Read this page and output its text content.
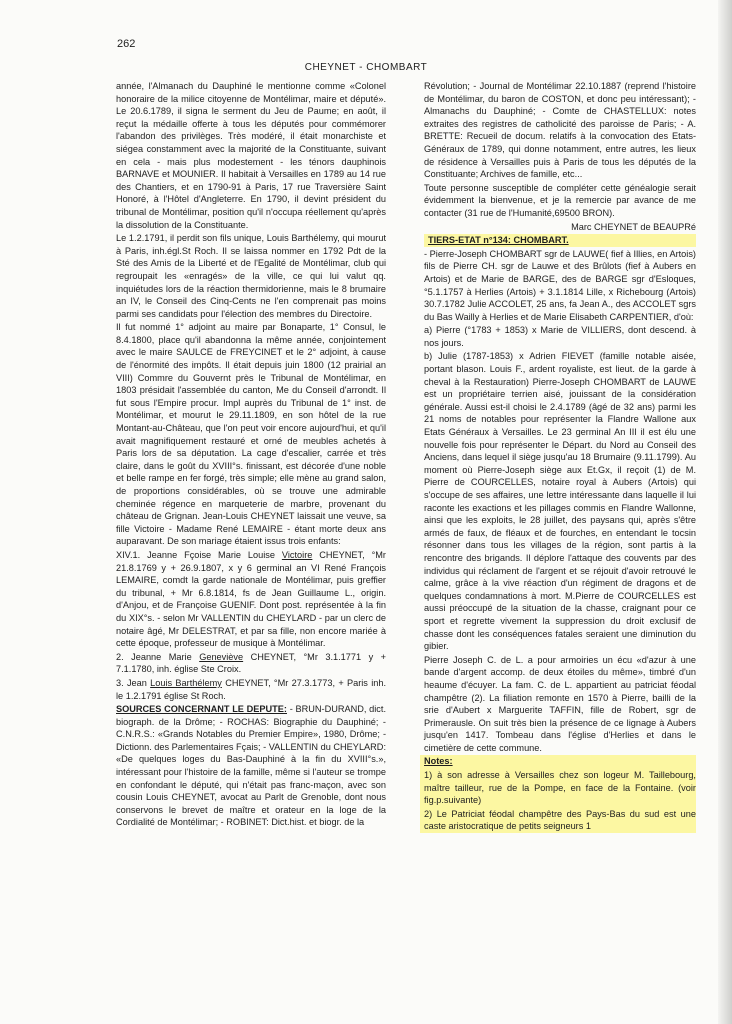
262
CHEYNET - CHOMBART

année, l'Almanach du Dauphiné le mentionne comme «Colonel honoraire de la milice citoyenne de Montélimar, maire et député». Le 20.6.1789, il signa le serment du Jeu de Paume; en août, il reçut la médaille offerte à tous les députés pour commémorer l'abandon des privilèges. Très modéré, il était monarchiste et siégea constamment avec la majorité de la Constituante, suivant en cela - mais plus modestement - les ténors dauphinois BARNAVE et MOUNIER. Il habitait à Versailles en 1789 au 14 rue des Chantiers, et en 1790-91 à Paris, 17 rue Traversière Saint Honoré, à l'Hôtel d'Angleterre. En 1790, il devint président du tribunal de Montélimar, position qu'il n'occupa réellement qu'après la dissolution de la Constituante.

Le 1.2.1791, il perdit son fils unique, Louis Barthélemy, qui mourut à Paris, inh.égl.St Roch. Il se laissa nommer en 1792 Pdt de la Sté des Amis de la Liberté et de l'Egalité de Montélimar, club qui regroupait les «enragés» de la ville, ce qui lui valut qq. inquiétudes lors de la réaction thermidorienne, mais le 8 brumaire an IV, le Conseil des Cinq-Cents ne l'en comprenait pas moins parmi ses candidats pour l'élection des membres du Directoire.

Il fut nommé 1° adjoint au maire par Bonaparte, 1° Consul, le 8.4.1800, place qu'il abandonna la même année, conjointement avec le maire SAULCE de FREYCINET et le 2° adjoint, à cause de l'énormité des impôts. Il était depuis juin 1800 (12 prairial an VIII) Commre du Gouvernt près le Tribunal de Montélimar, en 1803 présidait l'assemblée du canton, Me du Conseil d'arrondt. Il fut sous l'Empire procur. Impl auprès du Tribunal de 1° inst. de Montélimar, et mourut le 29.11.1809, en son hôtel de la rue Montant-au-Château, que l'on peut voir encore aujourd'hui, et qu'il avait magnifiquement restauré et orné de meubles achetés à Paris lors de sa députation. La cage d'escalier, carrée et très claire, dans le goût du XVIII°s. finissant, est décorée d'une noble et belle rampe en fer forgé, très simple; elle mène au grand salon, de proportions considérables, où se trouve une admirable cheminée régence en marqueterie de marbre, provenant du château de Grignan. Jean-Louis CHEYNET laissait une veuve, sa fille Victoire - Madame René LEMAIRE - étant morte deux ans auparavant. De son mariage étaient issus trois enfants:

XIV.1. Jeanne Fçoise Marie Louise Victoire CHEYNET, °Mr 21.8.1769 y + 26.9.1807, x y 6 germinal an VI René François LEMAIRE, comdt la garde nationale de Montélimar, puis greffier du tribunal, + Mr 6.8.1814, fs de Jean Guillaume L., origin. d'Anjou, et de Françoise GUENIF. Dont post. représentée à la fin du XIX°s. - selon Mr VALLENTIN du CHEYLARD - par un clerc de notaire âgé, Mr DELESTRAT, et par sa fille, non encore mariée à cette époque, professeur de musique à Montélimar.

2. Jeanne Marie Geneviève CHEYNET, °Mr 3.1.1771 y + 7.1.1780, inh. église Ste Croix.

3. Jean Louis Barthélemy CHEYNET, °Mr 27.3.1773, + Paris inh. le 1.2.1791 église St Roch.

SOURCES CONCERNANT LE DEPUTE: - BRUN-DURAND, dict. biograph. de la Drôme; - ROCHAS: Biographie du Dauphiné; - C.N.R.S.: «Grands Notables du Premier Empire», 1980, Drôme; - Dictionn. des Parlementaires Fçais; - VALLENTIN du CHEYLARD: «De quelques loges du Bas-Dauphiné à la fin du XVIII°s.», intéressant pour l'histoire de la famille, même si l'auteur se trompe en confondant le député, qui n'était pas franc-maçon, avec son cousin Louis CHEYNET, avocat au Parlt de Grenoble, dont nous conservons le brevet de maître et orateur en la loge de la Cordialité de Montélimar; - ROBINET: Dict.hist. et biogr. de la

Révolution; - Journal de Montélimar 22.10.1887 (reprend l'histoire de Montélimar, du baron de COSTON, et donc peu intéressant); - Almanachs du Dauphiné; - Comte de CHASTELLUX: notes extraites des registres de catholicité des paroisse de Paris; - A. BRETTE: Recueil de docum. relatifs à la convocation des Etats-Généraux de 1789, qui donne notamment, entre autres, les lieux de résidence à Versailles puis à Paris de tous les députés de la Constituante; Archives de famille, etc...

Toute personne susceptible de compléter cette généalogie serait évidemment la bienvenue, et je la remercie par avance de me contacter (31 rue de l'Humanité,69500 BRON).

Marc CHEYNET de BEAUPRé

TIERS-ETAT n°134: CHOMBART.

- Pierre-Joseph CHOMBART sgr de LAUWE( fief à Illies, en Artois) fils de Pierre CH. sgr de Lauwe et des Brûlots (fief à Aubers en Artois) et de Marie de BARGE, des de BARGE sgr d'Esloques, °5.1.1757 à Herlies (Artois) + 3.1.1814 Lille, x Richebourg (Artois) 30.7.1782 Julie ACCOLET, 25 ans, fa Jean A., des ACCOLET sgrs du Bas Wailly à Herlies et de Marie Elisabeth CARPENTIER, d'où:

a) Pierre (°1783 + 1853) x Marie de VILLIERS, dont descend. à nos jours.

b) Julie (1787-1853) x Adrien FIEVET (famille notable aisée, portant blason. Louis F., ardent royaliste, est lieut. de la garde à cheval à la Restauration) Pierre-Joseph CHOMBART de LAUWE est un propriétaire terrien aisé, jouissant de la considération générale. Aussi est-il choisi le 2.4.1789 (âgé de 32 ans) parmi les 21 noms de notables pour représenter la Flandre Wallone aux Etats Généraux à Versailles. Le 23 germinal An III il est élu une nouvelle fois pour représenter le Départ. du Nord au Conseil des Anciens, dans lequel il siège jusqu'au 18 Brumaire (9.11.1799). Au moment où Pierre-Joseph siège aux Et.Gx, il reçoit (1) de M. Pierre de COURCELLES, notaire royal à Aubers (Artois) qui s'occupe de ses affaires, une lettre intéressante dans laquelle il lui raconte les exactions et les pillages commis en Flandre Wallonne, ainsi que les exploits, le 28 juillet, des paysans qui, après s'être armés de faux, de fléaux et de fourches, en entendant le tocsin résonner dans tous les villages de la région, sont partis à la rencontre des brigands. Il déplore l'attaque des couvents par des individus qui réclament de l'argent et se réjouit d'avoir retrouvé le calme, grâce à la vive réaction d'un régiment de dragons et de quelques condamnations à mort. M.Pierre de COURCELLES est aussi préoccupé de la situation de la chasse, craignant pour ce sport et regrette vivement la suppression du droit exclusif de chasse dont les conséquences fatales seraient une diminution du gibier.

Pierre Joseph C. de L. a pour armoiries un écu «d'azur à une bande d'argent accomp. de deux étoiles du même», timbré d'un heaume d'écuyer. La fam. C. de L. appartient au patriciat féodal champêtre (2). La filiation remonte en 1570 à Pierre, bailli de la srie d'Aubert x Marguerite TAFFIN, fille de Robert, sgr de Primerausle. On suit très bien la présence de ce lignage à Aubers jusqu'en 1417. Tombeau dans l'église d'Herlies et dans le cimetière de cette commune.

Notes:

1) à son adresse à Versailles chez son logeur M. Taillebourg, maître tailleur, rue de la Pompe, en face de la Fontaine. (voir fig.p.suivante)

2) Le Patriciat féodal champêtre des Pays-Bas du sud est une caste aristocratique de petits seigneurs 1
